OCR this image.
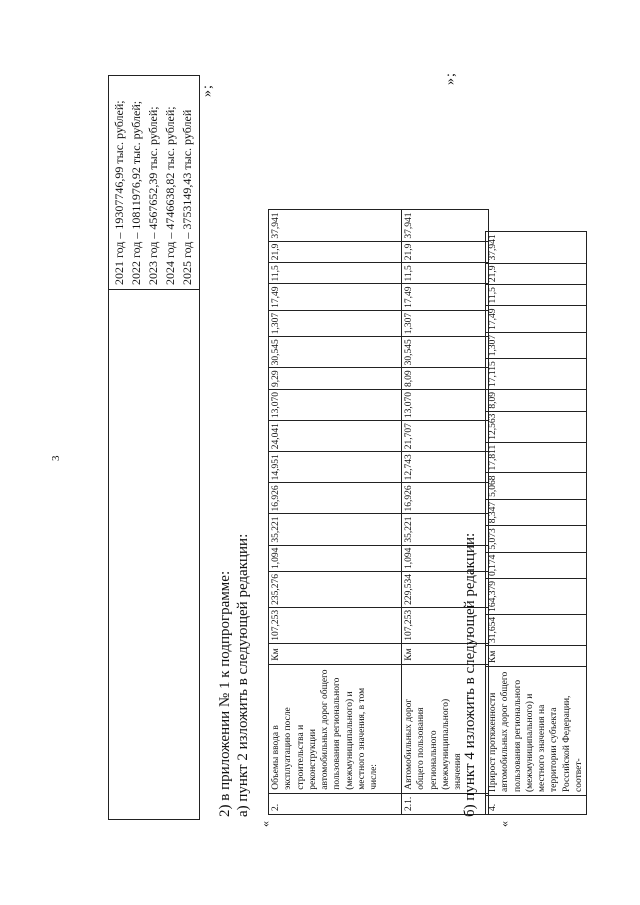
3

2021 год – 19307746,99 тыс. рублей; 2022 год – 10811976,92 тыс. рублей; 2023 год – 4567652,39 тыс. рублей; 2024 год – 4746638,82 тыс. рублей; 2025 год – 3753149,43 тыс. рублей
»;
2) в приложении № 1 к подпрограмме: а) пункт 2 изложить в следующей редакции:
«
2.	Объемы ввода в эксплуатацию после строительства и реконструкции автомобильных дорог общего пользования регионального (межмуниципального) и местного значения, в том числе:	Км	107,253	235,276	1,094	35,221	16,926	14,951	24,041	13,070	9,29	30,545	1,307	17,49	11,5	21,9	37,941
2.1.	Автомобильных дорог общего пользования регионального (межмуниципального) значения	Км	107,253	229,534	1,094	35,221	16,926	12,743	21,707	13,070	8,09	30,545	1,307	17,49	11,5	21,9	37,941
»;
б) пункт 4 изложить в следующей редакции:
«
4.	Прирост протяженности автомобильных дорог общего пользования регионального (межмуниципального) и местного значения на территории субъекта Российской Федерации, соответ-	Км	31,654	164,379	0,174	5,073	8,347	5,068	17,811	12,563	8,09	17,115	1,307	17,49	11,5	21,9	37,941
